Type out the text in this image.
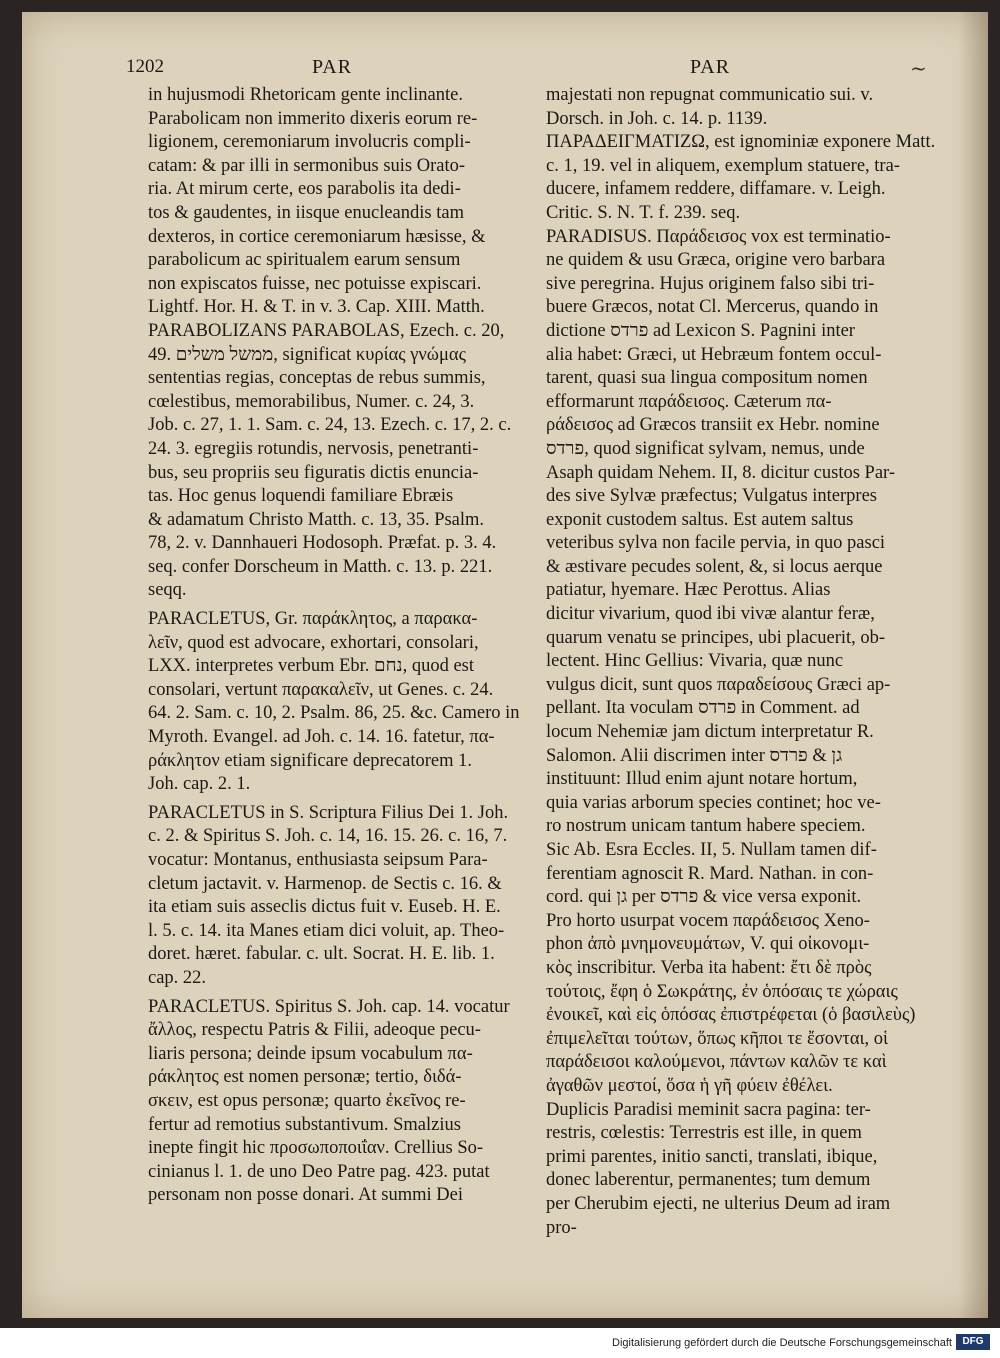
1202	PAR	PAR	~
in hujusmodi Rhetoricam gente inclinante.
Parabolicam non immerito dixeris eorum re-
ligionem, ceremoniarum involucris compli-
catam: & par illi in sermonibus suis Orato-
ria. At mirum certe, eos parabolis ita dedi-
tos & gaudentes, in iisque enucleandis tam
dexteros, in cortice ceremoniarum hæsisse, &
parabolicum ac spiritualem earum sensum
non expiscatos fuisse, nec potuisse expiscari.
Lightf. Hor. H. & T. in v. 3. Cap. XIII. Matth.
PARABOLIZANS PARABOLAS, Ezech. c. 20,
49. ממשל משלים, significat κυρίας γνώμας
sententias regias, conceptas de rebus summis,
cœlestibus, memorabilibus, Numer. c. 24, 3.
Job. c. 27, 1. 1. Sam. c. 24, 13. Ezech. c. 17, 2. c.
24. 3. egregiis rotundis, nervosis, penetranti-
bus, seu propriis seu figuratis dictis enuncia-
tas. Hoc genus loquendi familiare Ebræis
& adamatum Christo Matth. c. 13, 35. Psalm.
78, 2. v. Dannhaueri Hodosoph. Præfat. p. 3. 4.
seq. confer Dorscheum in Matth. c. 13. p. 221.
seqq.
PARACLETUS, Gr. παράκλητος, a παρακα-
λεῖν, quod est advocare, exhortari, consolari,
LXX. interpretes verbum Ebr. נחם, quod est
consolari, vertunt παρακαλεῖν, ut Genes. c. 24.
64. 2. Sam. c. 10, 2. Psalm. 86, 25. &c. Camero in
Myroth. Evangel. ad Joh. c. 14. 16. fatetur, πα-
ράκλητον etiam significare deprecatorem 1.
Joh. cap. 2. 1.
PARACLETUS in S. Scriptura Filius Dei 1. Joh.
c. 2. & Spiritus S. Joh. c. 14, 16. 15. 26. c. 16, 7.
vocatur: Montanus, enthusiasta seipsum Para-
cletum jactavit. v. Harmenop. de Sectis c. 16. &
ita etiam suis asseclis dictus fuit v. Euseb. H. E.
l. 5. c. 14. ita Manes etiam dici voluit, ap. Theo-
doret. hæret. fabular. c. ult. Socrat. H. E. lib. 1.
cap. 22.
PARACLETUS. Spiritus S. Joh. cap. 14. vocatur
ἄλλος, respectu Patris & Filii, adeoque pecu-
liaris persona; deinde ipsum vocabulum πα-
ράκλητος est nomen personæ; tertio, διδά-
σκειν, est opus personæ; quarto ἐκεῖνος re-
fertur ad remotius substantivum. Smalzius
inepte fingit hic προσωποποιΐαν. Crellius So-
cinianus l. 1. de uno Deo Patre pag. 423. putat
personam non posse donari. At summi Dei
majestati non repugnat communicatio sui. v.
Dorsch. in Joh. c. 14. p. 1139.
ΠΑΡΑΔΕΙΓΜΑΤΙΖΩ, est ignominiæ exponere Matt.
c. 1, 19. vel in aliquem, exemplum statuere, tra-
ducere, infamem reddere, diffamare. v. Leigh.
Critic. S. N. T. f. 239. seq.
PARADISUS. Παράδεισος vox est terminatio-
ne quidem & usu Græca, origine vero barbara
sive peregrina. Hujus originem falso sibi tri-
buere Græcos, notat Cl. Mercerus, quando in
dictione פרדס ad Lexicon S. Pagnini inter
alia habet: Græci, ut Hebræum fontem occul-
tarent, quasi sua lingua compositum nomen
efformarunt παράδεισος. Cæterum πα-
ράδεισος ad Græcos transiit ex Hebr. nomine
פרדס, quod significat sylvam, nemus, unde
Asaph quidam Nehem. II, 8. dicitur custos Par-
des sive Sylvæ præfectus; Vulgatus interpres
exponit custodem saltus. Est autem saltus
veteribus sylva non facile pervia, in quo pasci
& æstivare pecudes solent, &, si locus aerque
patiatur, hyemare. Hæc Perottus. Alias
dicitur vivarium, quod ibi vivæ alantur feræ,
quarum venatu se principes, ubi placuerit, ob-
lectent. Hinc Gellius: Vivaria, quæ nunc
vulgus dicit, sunt quos παραδείσους Græci ap-
pellant. Ita voculam פרדס in Comment. ad
locum Nehemiæ jam dictum interpretatur R.
Salomon. Alii discrimen inter גן & פרדס
instituunt: Illud enim ajunt notare hortum,
quia varias arborum species continet; hoc ve-
ro nostrum unicam tantum habere speciem.
Sic Ab. Esra Eccles. II, 5. Nullam tamen dif-
ferentiam agnoscit R. Mard. Nathan. in con-
cord. qui גן per פרדס & vice versa exponit.
Pro horto usurpat vocem παράδεισος Xeno-
phon ἀπὸ μνημονευμάτων, V. qui οἰκονομι-
κὸς inscribitur. Verba ita habent: ἔτι δὲ πρὸς
τούτοις, ἔφη ὁ Σωκράτης, ἐν ὁπόσαις τε χώραις
ἐνοικεῖ, καὶ εἰς ὁπόσας ἐπιστρέφεται (ὁ βασιλεὺς)
ἐπιμελεῖται τούτων, ὅπως κῆποι τε ἔσονται, οἱ
παράδεισοι καλούμενοι, πάντων καλῶν τε καὶ
ἀγαθῶν μεστοί, ὅσα ἡ γῆ φύειν ἐθέλει.
Duplicis Paradisi meminit sacra pagina: ter-
restris, cœlestis: Terrestris est ille, in quem
primi parentes, initio sancti, translati, ibique,
donec laberentur, permanentes; tum demum
per Cherubim ejecti, ne ulterius Deum ad iram
pro-
Digitalisierung gefördert durch die Deutsche Forschungsgemeinschaft	DFG
